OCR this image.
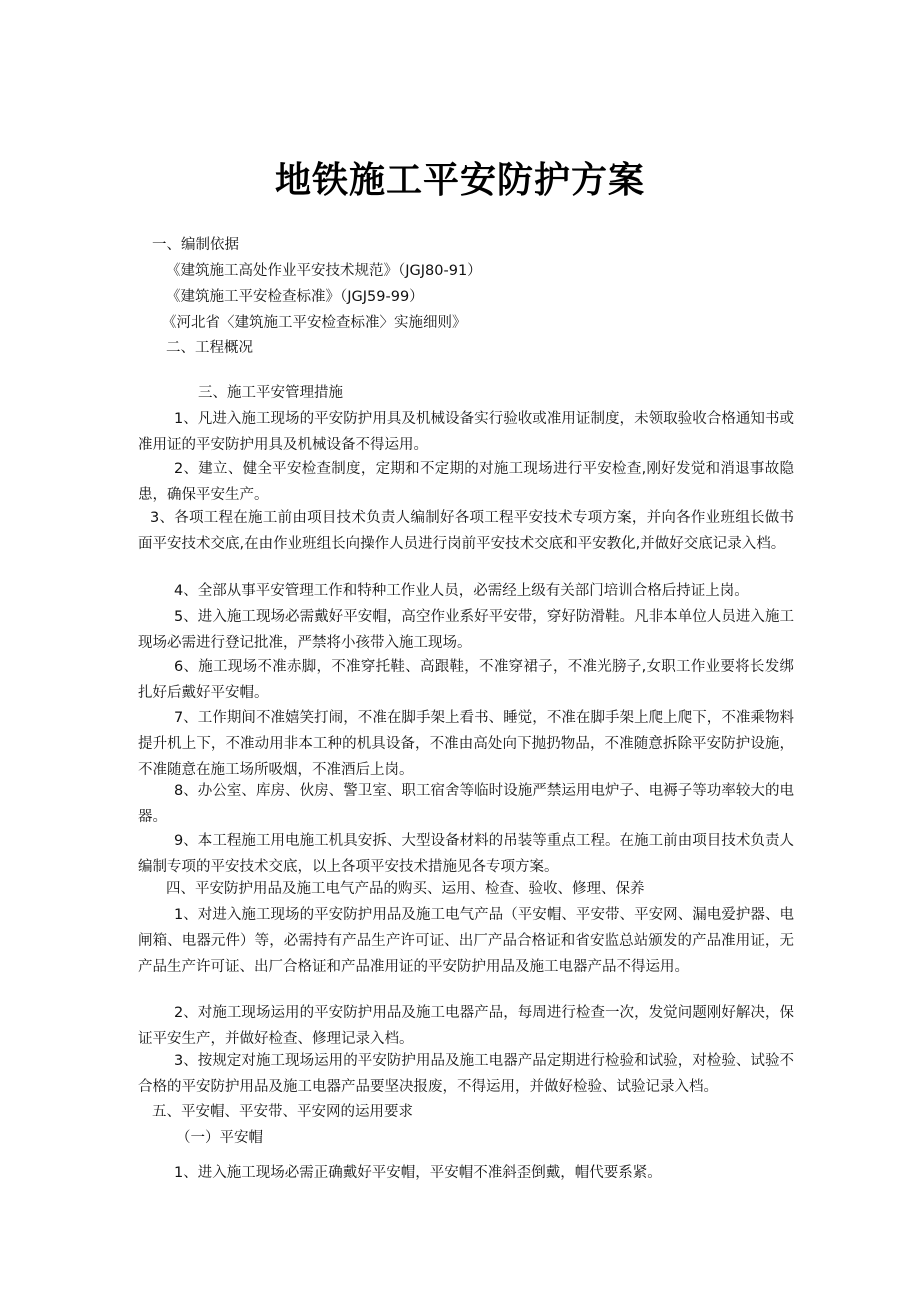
地铁施工平安防护方案

一、编制依据

《建筑施工高处作业平安技术规范》（JGJ80-91）

《建筑施工平安检查标准》（JGJ59-99）

《河北省〈建筑施工平安检查标准〉实施细则》

二、工程概况

三、施工平安管理措施

1、凡进入施工现场的平安防护用具及机械设备实行验收或准用证制度，未领取验收合格通知书或准用证的平安防护用具及机械设备不得运用。

2、建立、健全平安检查制度，定期和不定期的对施工现场进行平安检查,刚好发觉和消退事故隐患，确保平安生产。

3、各项工程在施工前由项目技术负责人编制好各项工程平安技术专项方案，并向各作业班组长做书面平安技术交底,在由作业班组长向操作人员进行岗前平安技术交底和平安教化,并做好交底记录入档。

4、全部从事平安管理工作和特种工作业人员，必需经上级有关部门培训合格后持证上岗。

5、进入施工现场必需戴好平安帽，高空作业系好平安带，穿好防滑鞋。凡非本单位人员进入施工现场必需进行登记批准，严禁将小孩带入施工现场。

6、施工现场不准赤脚，不准穿托鞋、高跟鞋，不准穿裙子，不准光膀子,女职工作业要将长发绑扎好后戴好平安帽。

7、工作期间不准嬉笑打闹，不准在脚手架上看书、睡觉，不准在脚手架上爬上爬下，不准乘物料提升机上下，不准动用非本工种的机具设备，不准由高处向下抛扔物品，不准随意拆除平安防护设施，不准随意在施工场所吸烟，不准酒后上岗。

8、办公室、库房、伙房、警卫室、职工宿舍等临时设施严禁运用电炉子、电褥子等功率较大的电器。

9、本工程施工用电施工机具安拆、大型设备材料的吊装等重点工程。在施工前由项目技术负责人编制专项的平安技术交底，以上各项平安技术措施见各专项方案。

四、平安防护用品及施工电气产品的购买、运用、检查、验收、修理、保养

1、对进入施工现场的平安防护用品及施工电气产品（平安帽、平安带、平安网、漏电爱护器、电闸箱、电器元件）等，必需持有产品生产许可证、出厂产品合格证和省安监总站颁发的产品准用证，无产品生产许可证、出厂合格证和产品准用证的平安防护用品及施工电器产品不得运用。

2、对施工现场运用的平安防护用品及施工电器产品，每周进行检查一次，发觉问题刚好解决，保证平安生产，并做好检查、修理记录入档。

3、按规定对施工现场运用的平安防护用品及施工电器产品定期进行检验和试验，对检验、试验不合格的平安防护用品及施工电器产品要坚决报废，不得运用，并做好检验、试验记录入档。

五、平安帽、平安带、平安网的运用要求

（一）平安帽

1、进入施工现场必需正确戴好平安帽，平安帽不准斜歪倒戴，帽代要系紧。
